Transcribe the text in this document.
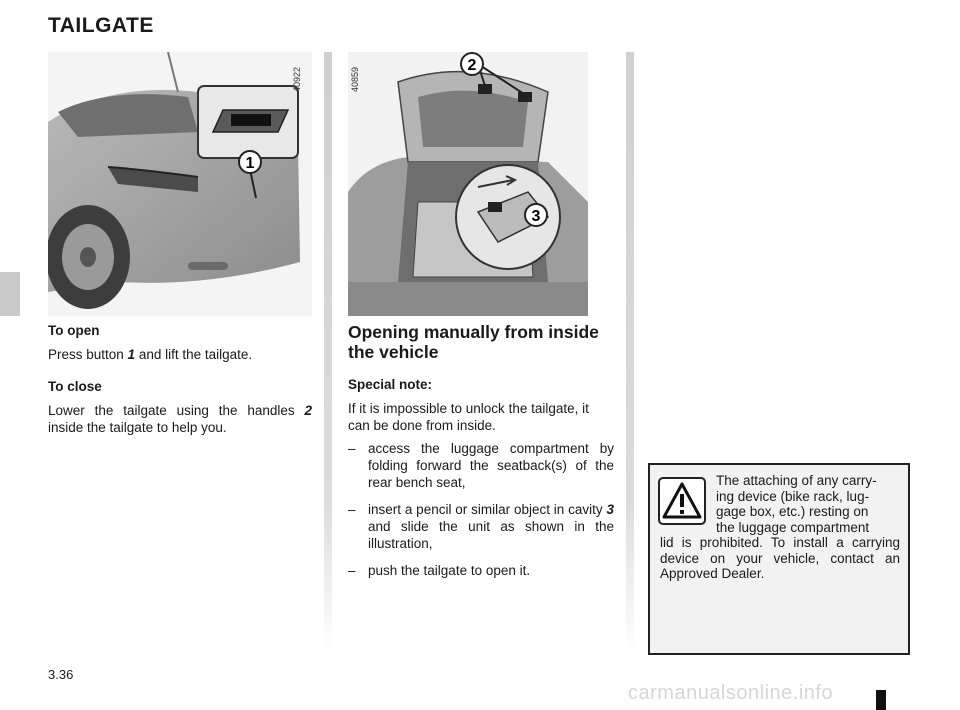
TAILGATE
1
40922
2
3
40859
To open
Press button 1 and lift the tailgate.
To close
Lower the tailgate using the handles 2 inside the tailgate to help you.
Opening manually from inside the vehicle
Special note:
If it is impossible to unlock the tailgate, it can be done from inside.
– access the luggage compartment by folding forward the seatback(s) of the rear bench seat,
– insert a pencil or similar object in cavity 3 and slide the unit as shown in the illustration,
– push the tailgate to open it.
The attaching of any carry-
ing device (bike rack, lug-
gage box, etc.) resting on
the luggage compartment
lid is prohibited. To install a carrying device on your vehicle, contact an Approved Dealer.
3.36
carmanualsonline.info
